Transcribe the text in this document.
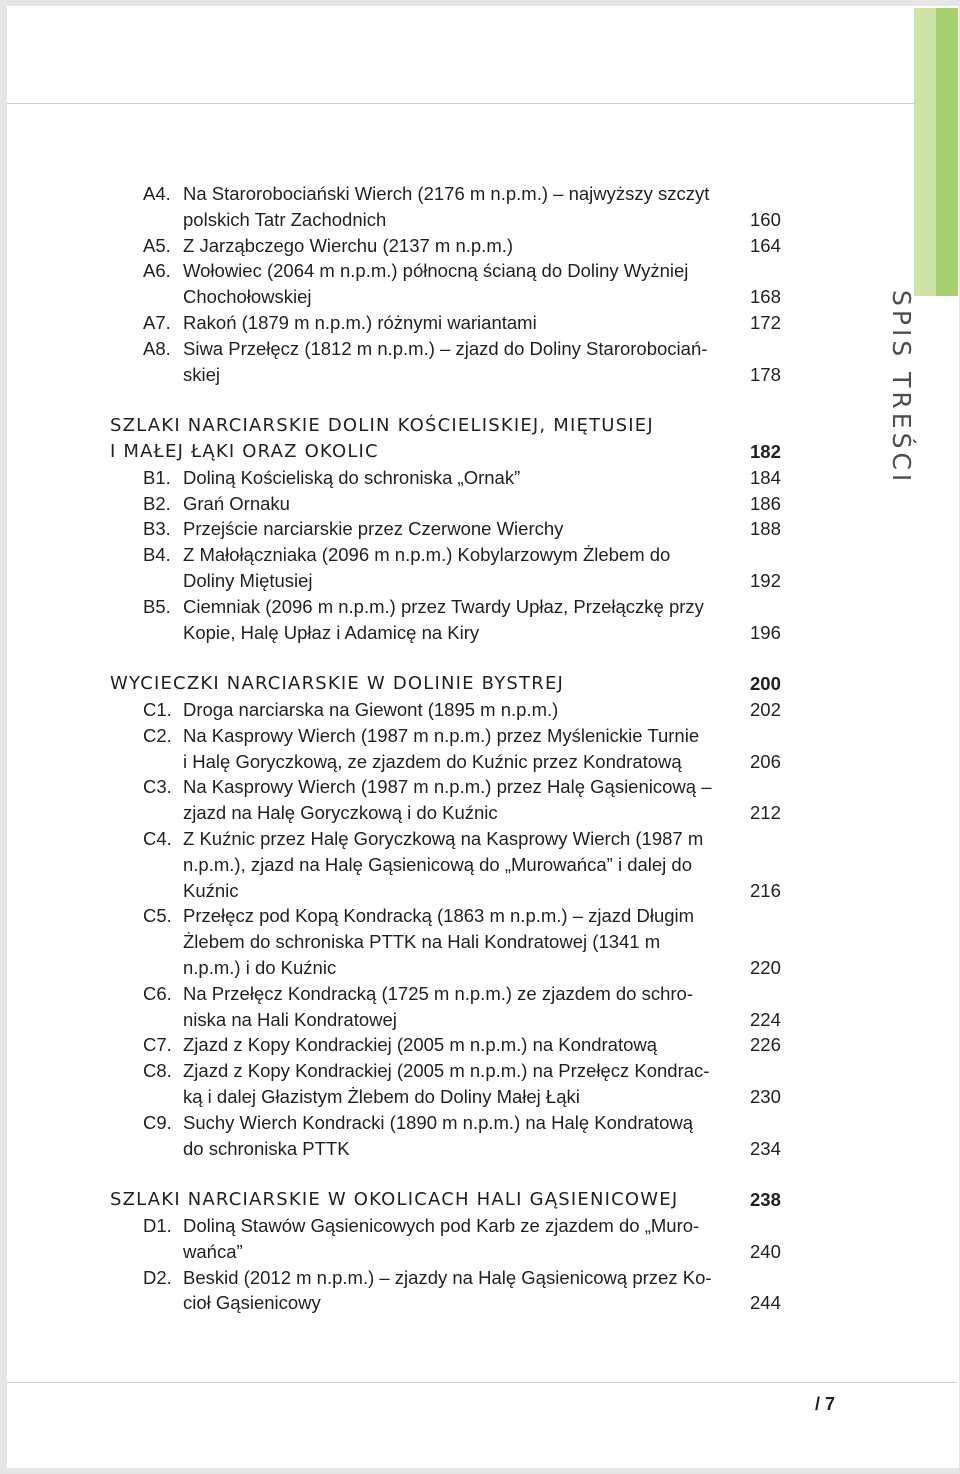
SPIS TREŚCI
A4. Na Starorobociański Wierch (2176 m n.p.m.) – najwyższy szczyt
polskich Tatr Zachodnich	160
A5. Z Jarząbczego Wierchu (2137 m n.p.m.)	164
A6. Wołowiec (2064 m n.p.m.) północną ścianą do Doliny Wyżniej
Chochołowskiej	168
A7. Rakoń (1879 m n.p.m.) różnymi wariantami	172
A8. Siwa Przełęcz (1812 m n.p.m.) – zjazd do Doliny Starorobociań-
skiej	178
SZLAKI NARCIARSKIE DOLIN KOŚCIELISKIEJ, MIĘTUSIEJ
I MAŁEJ ŁĄKI ORAZ OKOLIC	182
B1. Doliną Kościeliską do schroniska „Ornak”	184
B2. Grań Ornaku	186
B3. Przejście narciarskie przez Czerwone Wierchy	188
B4. Z Małołączniaka (2096 m n.p.m.) Kobylarzowym Żlebem do
Doliny Miętusiej	192
B5. Ciemniak (2096 m n.p.m.) przez Twardy Upłaz, Przełączkę przy
Kopie, Halę Upłaz i Adamicę na Kiry	196
WYCIECZKI NARCIARSKIE W DOLINIE BYSTREJ	200
C1. Droga narciarska na Giewont (1895 m n.p.m.)	202
C2. Na Kasprowy Wierch (1987 m n.p.m.) przez Myślenickie Turnie
i Halę Goryczkową, ze zjazdem do Kuźnic przez Kondratową	206
C3. Na Kasprowy Wierch (1987 m n.p.m.) przez Halę Gąsienicową –
zjazd na Halę Goryczkową i do Kuźnic	212
C4. Z Kuźnic przez Halę Goryczkową na Kasprowy Wierch (1987 m
n.p.m.), zjazd na Halę Gąsienicową do „Murowańca” i dalej do
Kuźnic	216
C5. Przełęcz pod Kopą Kondracką (1863 m n.p.m.) – zjazd Długim
Żlebem do schroniska PTTK na Hali Kondratowej (1341 m
n.p.m.) i do Kuźnic	220
C6. Na Przełęcz Kondracką (1725 m n.p.m.) ze zjazdem do schro-
niska na Hali Kondratowej	224
C7. Zjazd z Kopy Kondrackiej (2005 m n.p.m.) na Kondratową	226
C8. Zjazd z Kopy Kondrackiej (2005 m n.p.m.) na Przełęcz Kondrac-
ką i dalej Głazistym Żlebem do Doliny Małej Łąki	230
C9. Suchy Wierch Kondracki (1890 m n.p.m.) na Halę Kondratową
do schroniska PTTK	234
SZLAKI NARCIARSKIE W OKOLICACH HALI GĄSIENICOWEJ	238
D1. Doliną Stawów Gąsienicowych pod Karb ze zjazdem do „Muro-
wańca”	240
D2. Beskid (2012 m n.p.m.) – zjazdy na Halę Gąsienicową przez Ko-
cioł Gąsienicowy	244
/ 7
